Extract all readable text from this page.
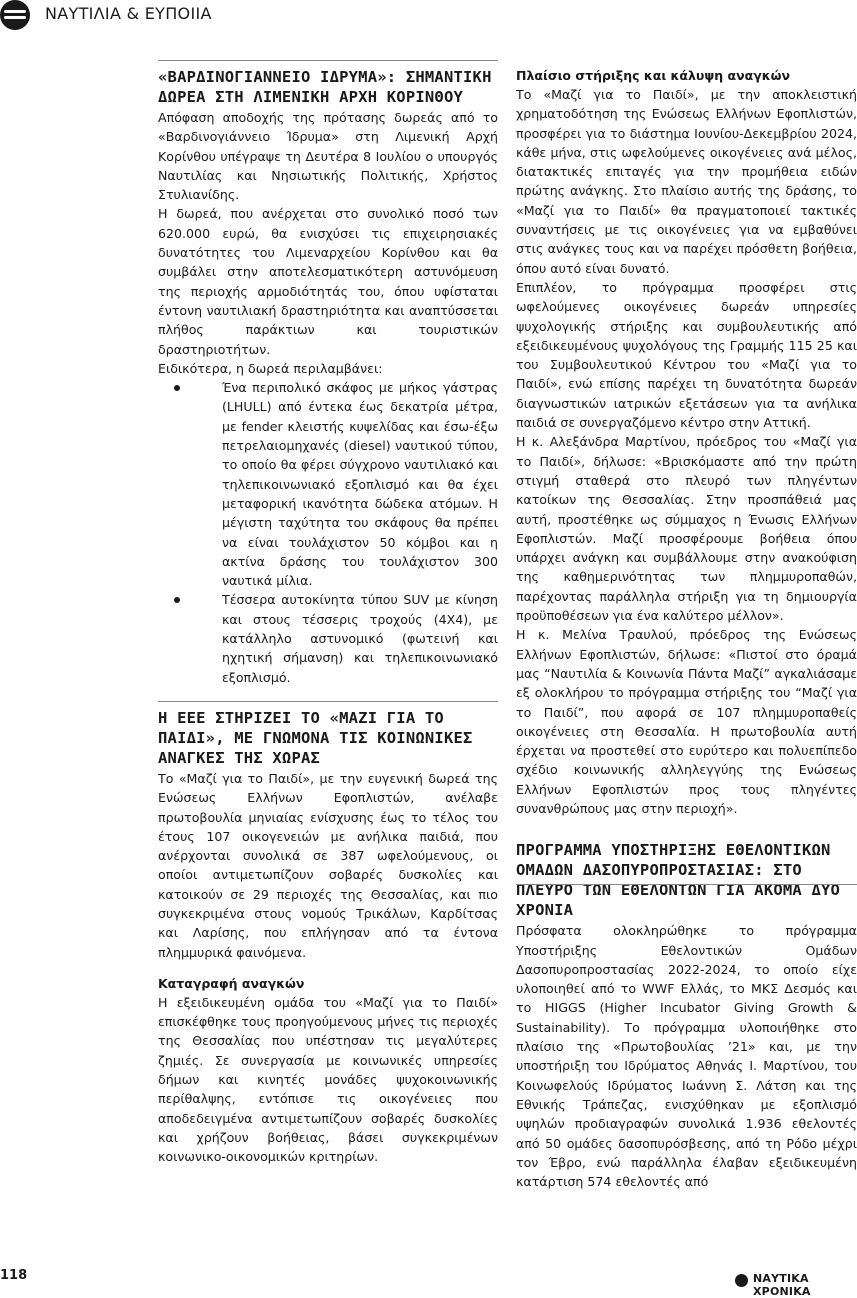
ΝΑΥΤΙΛΙΑ & ΕΥΠΟΙΙΑ
«ΒΑΡΔΙΝΟΓΙΑΝΝΕΙΟ ΙΔΡΥΜΑ»: ΣΗΜΑΝΤΙΚΗ ΔΩΡΕΑ ΣΤΗ ΛΙΜΕΝΙΚΗ ΑΡΧΗ ΚΟΡΙΝΘΟΥ

Απόφαση αποδοχής της πρότασης δωρεάς από το «Βαρδινογιάννειο Ίδρυμα» στη Λιμενική Αρχή Κορίνθου υπέγραψε τη Δευτέρα 8 Ιουλίου ο υπουργός Ναυτιλίας και Νησιωτικής Πολιτικής, Χρήστος Στυλιανίδης.

Η δωρεά, που ανέρχεται στο συνολικό ποσό των 620.000 ευρώ, θα ενισχύσει τις επιχειρησιακές δυνατότητες του Λιμεναρχείου Κορίνθου και θα συμβάλει στην αποτελεσματικότερη αστυνόμευση της περιοχής αρμοδιότητάς του, όπου υφίσταται έντονη ναυτιλιακή δραστηριότητα και αναπτύσσεται πλήθος παράκτιων και τουριστικών δραστηριοτήτων.

Ειδικότερα, η δωρεά περιλαμβάνει:

Ένα περιπολικό σκάφος με μήκος γάστρας (LHULL) από έντεκα έως δεκατρία μέτρα, με fender κλειστής κυψελίδας και έσω-έξω πετρελαιομηχανές (diesel) ναυτικού τύπου, το οποίο θα φέρει σύγχρονο ναυτιλιακό και τηλεπικοινωνιακό εξοπλισμό και θα έχει μεταφορική ικανότητα δώδεκα ατόμων. Η μέγιστη ταχύτητα του σκάφους θα πρέπει να είναι τουλάχιστον 50 κόμβοι και η ακτίνα δράσης του τουλάχιστον 300 ναυτικά μίλια.
Τέσσερα αυτοκίνητα τύπου SUV με κίνηση και στους τέσσερις τροχούς (4X4), με κατάλληλο αστυνομικό (φωτεινή και ηχητική σήμανση) και τηλεπικοινωνιακό εξοπλισμό.
Η ΕΕΕ ΣΤΗΡΙΖΕΙ ΤΟ «ΜΑΖΙ ΓΙΑ ΤΟ ΠΑΙΔΙ», ΜΕ ΓΝΩΜΟΝΑ ΤΙΣ ΚΟΙΝΩΝΙΚΕΣ ΑΝΑΓΚΕΣ ΤΗΣ ΧΩΡΑΣ

Το «Μαζί για το Παιδί», με την ευγενική δωρεά της Ενώσεως Ελλήνων Εφοπλιστών, ανέλαβε πρωτοβουλία μηνιαίας ενίσχυσης έως το τέλος του έτους 107 οικογενειών με ανήλικα παιδιά, που ανέρχονται συνολικά σε 387 ωφελούμενους, οι οποίοι αντιμετωπίζουν σοβαρές δυσκολίες και κατοικούν σε 29 περιοχές της Θεσσαλίας, και πιο συγκεκριμένα στους νομούς Τρικάλων, Καρδίτσας και Λαρίσης, που επλήγησαν από τα έντονα πλημμυρικά φαινόμενα.

Καταγραφή αναγκών

Η εξειδικευμένη ομάδα του «Μαζί για το Παιδί» επισκέφθηκε τους προηγούμενους μήνες τις περιοχές της Θεσσαλίας που υπέστησαν τις μεγαλύτερες ζημιές. Σε συνεργασία με κοινωνικές υπηρεσίες δήμων και κινητές μονάδες ψυχοκοινωνικής περίθαλψης, εντόπισε τις οικογένειες που αποδεδειγμένα αντιμετωπίζουν σοβαρές δυσκολίες και χρήζουν βοήθειας, βάσει συγκεκριμένων κοινωνικο-οικονομικών κριτηρίων.

Πλαίσιο στήριξης και κάλυψη αναγκών

Το «Μαζί για το Παιδί», με την αποκλειστική χρηματοδότηση της Ενώσεως Ελλήνων Εφοπλιστών, προσφέρει για το διάστημα Ιουνίου-Δεκεμβρίου 2024, κάθε μήνα, στις ωφελούμενες οικογένειες ανά μέλος, διατακτικές επιταγές για την προμήθεια ειδών πρώτης ανάγκης. Στο πλαίσιο αυτής της δράσης, το «Μαζί για το Παιδί» θα πραγματοποιεί τακτικές συναντήσεις με τις οικογένειες για να εμβαθύνει στις ανάγκες τους και να παρέχει πρόσθετη βοήθεια, όπου αυτό είναι δυνατό.

Επιπλέον, το πρόγραμμα προσφέρει στις ωφελούμενες οικογένειες δωρεάν υπηρεσίες ψυχολογικής στήριξης και συμβουλευτικής από εξειδικευμένους ψυχολόγους της Γραμμής 115 25 και του Συμβουλευτικού Κέντρου του «Μαζί για το Παιδί», ενώ επίσης παρέχει τη δυνατότητα δωρεάν διαγνωστικών ιατρικών εξετάσεων για τα ανήλικα παιδιά σε συνεργαζόμενο κέντρο στην Αττική.

Η κ. Αλεξάνδρα Μαρτίνου, πρόεδρος του «Μαζί για το Παιδί», δήλωσε: «Βρισκόμαστε από την πρώτη στιγμή σταθερά στο πλευρό των πληγέντων κατοίκων της Θεσσαλίας. Στην προσπάθειά μας αυτή, προστέθηκε ως σύμμαχος η Ένωσις Ελλήνων Εφοπλιστών. Μαζί προσφέρουμε βοήθεια όπου υπάρχει ανάγκη και συμβάλλουμε στην ανακούφιση της καθημερινότητας των πλημμυροπαθών, παρέχοντας παράλληλα στήριξη για τη δημιουργία προϋποθέσεων για ένα καλύτερο μέλλον».

Η κ. Μελίνα Τραυλού, πρόεδρος της Ενώσεως Ελλήνων Εφοπλιστών, δήλωσε: «Πιστοί στο όραμά μας “Ναυτιλία & Κοινωνία Πάντα Μαζί” αγκαλιάσαμε εξ ολοκλήρου το πρόγραμμα στήριξης του “Μαζί για το Παιδί”, που αφορά σε 107 πλημμυροπαθείς οικογένειες στη Θεσσαλία. Η πρωτοβουλία αυτή έρχεται να προστεθεί στο ευρύτερο και πολυεπίπεδο σχέδιο κοινωνικής αλληλεγγύης της Ενώσεως Ελλήνων Εφοπλιστών προς τους πληγέντες συνανθρώπους μας στην περιοχή».

ΠΡΟΓΡΑΜΜΑ ΥΠΟΣΤΗΡΙΞΗΣ ΕΘΕΛΟΝΤΙΚΩΝ ΟΜΑΔΩΝ ΔΑΣΟΠΥΡΟΠΡΟΣΤΑΣΙΑΣ: ΣΤΟ ΠΛΕΥΡΟ ΤΩΝ ΕΘΕΛΟΝΤΩΝ ΓΙΑ ΑΚΟΜΑ ΔΥΟ ΧΡΟΝΙΑ

Πρόσφατα ολοκληρώθηκε το πρόγραμμα Υποστήριξης Εθελοντικών Ομάδων Δασοπυροπροστασίας 2022-2024, το οποίο είχε υλοποιηθεί από το WWF Ελλάς, το ΜΚΣ Δεσμός και το HIGGS (Higher Incubator Giving Growth & Sustainability). Το πρόγραμμα υλοποιήθηκε στο πλαίσιο της «Πρωτοβουλίας ’21» και, με την υποστήριξη του Ιδρύματος Αθηνάς Ι. Μαρτίνου, του Κοινωφελούς Ιδρύματος Ιωάννη Σ. Λάτση και της Εθνικής Τράπεζας, ενισχύθηκαν με εξοπλισμό υψηλών προδιαγραφών συνολικά 1.936 εθελοντές από 50 ομάδες δασοπυρόσβεσης, από τη Ρόδο μέχρι τον Έβρο, ενώ παράλληλα έλαβαν εξειδικευμένη κατάρτιση 574 εθελοντές από

118	ΝΑΥΤΙΚΑ ΧΡΟΝΙΚΑ
